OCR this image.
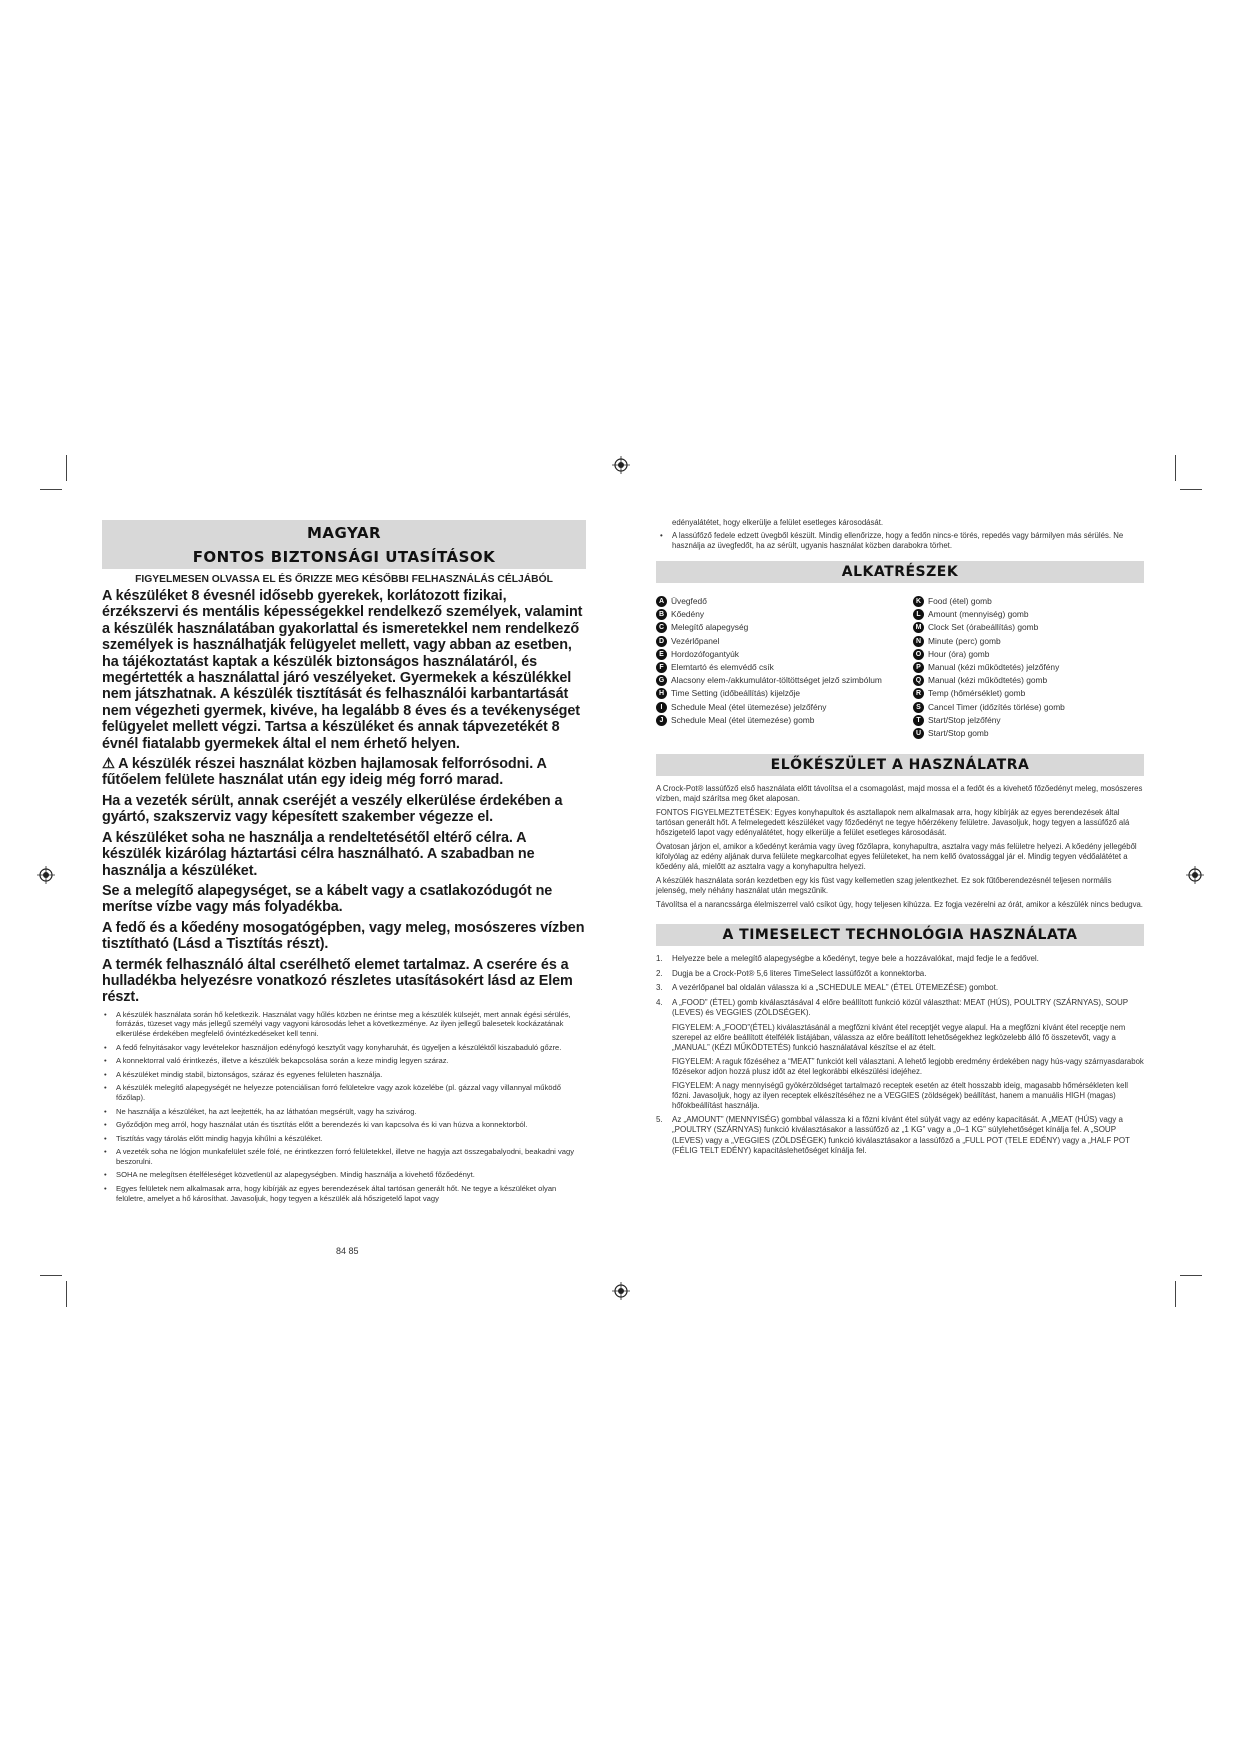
MAGYAR
FONTOS BIZTONSÁGI UTASÍTÁSOK
FIGYELMESEN OLVASSA EL ÉS ŐRIZZE MEG KÉSŐBBI FELHASZNÁLÁS CÉLJÁBÓL

A készüléket 8 évesnél idősebb gyerekek, korlátozott fizikai, érzékszervi és mentális képességekkel rendelkező személyek, valamint a készülék használatában gyakorlattal és ismeretekkel nem rendelkező személyek is használhatják felügyelet mellett, vagy abban az esetben, ha tájékoztatást kaptak a készülék biztonságos használatáról, és megértették a használattal járó veszélyeket. Gyermekek a készülékkel nem játszhatnak. A készülék tisztítását és felhasználói karbantartását nem végezheti gyermek, kivéve, ha legalább 8 éves és a tevékenységet felügyelet mellett végzi. Tartsa a készüléket és annak tápvezetékét 8 évnél fiatalabb gyermekek által el nem érhető helyen.

⚠ A készülék részei használat közben hajlamosak felforrósodni. A fűtőelem felülete használat után egy ideig még forró marad.

Ha a vezeték sérült, annak cseréjét a veszély elkerülése érdekében a gyártó, szakszerviz vagy képesített szakember végezze el.

A készüléket soha ne használja a rendeltetésétől eltérő célra. A készülék kizárólag háztartási célra használható. A szabadban ne használja a készüléket.

Se a melegítő alapegységet, se a kábelt vagy a csatlakozódugót ne merítse vízbe vagy más folyadékba.

A fedő és a kőedény mosogatógépben, vagy meleg, mosószeres vízben tisztítható (Lásd a Tisztítás részt).

A termék felhasználó által cserélhető elemet tartalmaz. A cserére és a hulladékba helyezésre vonatkozó részletes utasításokért lásd az Elem részt.

• A készülék használata során hő keletkezik. Használat vagy hűlés közben ne érintse meg a készülék külsejét, mert annak égési sérülés, forrázás, tüzeset vagy más jellegű személyi vagy vagyoni károsodás lehet a következménye. Az ilyen jellegű balesetek kockázatának elkerülése érdekében megfelelő óvintézkedéseket kell tenni.
• A fedő felnyitásakor vagy levételekor használjon edényfogó kesztyűt vagy konyharuhát, és ügyeljen a készüléktől kiszabaduló gőzre.
• A konnektorral való érintkezés, illetve a készülék bekapcsolása során a keze mindig legyen száraz.
• A készüléket mindig stabil, biztonságos, száraz és egyenes felületen használja.
• A készülék melegítő alapegységét ne helyezze potenciálisan forró felületekre vagy azok közelébe (pl. gázzal vagy villannyal működő főzőlap).
• Ne használja a készüléket, ha azt leejtették, ha az láthatóan megsérült, vagy ha szivárog.
• Győződjön meg arról, hogy használat után és tisztítás előtt a berendezés ki van kapcsolva és ki van húzva a konnektorból.
• Tisztítás vagy tárolás előtt mindig hagyja kihűlni a készüléket.
• A vezeték soha ne lógjon munkafelület széle fölé, ne érintkezzen forró felületekkel, illetve ne hagyja azt összegabalyodni, beakadni vagy beszorulni.
• SOHA ne melegítsen ételféleséget közvetlenül az alapegységben. Mindig használja a kivehető főzőedényt.
• Egyes felületek nem alkalmasak arra, hogy kibírják az egyes berendezések által tartósan generált hőt. Ne tegye a készüléket olyan felületre, amelyet a hő károsíthat. Javasoljuk, hogy tegyen a készülék alá hőszigetelő lapot vagy
84 85

edényalátétet, hogy elkerülje a felület esetleges károsodását.

• A lassúfőző fedele edzett üvegből készült. Mindig ellenőrizze, hogy a fedőn nincs-e törés, repedés vagy bármilyen más sérülés. Ne használja az üvegfedőt, ha az sérült, ugyanis használat közben darabokra törhet.

ALKATRÉSZEK
A Üvegfedő
B Kőedény
C Melegítő alapegység
D Vezérlőpanel
E Hordozófogantyúk
F Elemtartó és elemvédő csík
G Alacsony elem-/akkumulátor-töltöttséget jelző szimbólum
H Time Setting (időbeállítás) kijelzője
I	Schedule Meal (étel ütemezése) jelzőfény
J Schedule Meal (étel ütemezése) gomb
K Food (étel) gomb
L Amount (mennyiség) gomb
M Clock Set (órabeállítás) gomb
N Minute (perc) gomb
O Hour (óra) gomb
P Manual (kézi működtetés) jelzőfény
Q Manual (kézi működtetés) gomb
R Temp (hőmérséklet) gomb
S Cancel Timer (időzítés törlése) gomb
T Start/Stop jelzőfény
U Start/Stop gomb
ELŐKÉSZÜLET A HASZNÁLATRA

A Crock-Pot® lassúfőző első használata előtt távolítsa el a csomagolást, majd mossa el a fedőt és a kivehető főzőedényt meleg, mosószeres vízben, majd szárítsa meg őket alaposan.

FONTOS FIGYELMEZTETÉSEK: Egyes konyhapultok és asztallapok nem alkalmasak arra, hogy kibírják az egyes berendezések által tartósan generált hőt. A felmelegedett készüléket vagy főzőedényt ne tegye hőérzékeny felületre. Javasoljuk, hogy tegyen a lassúfőző alá hőszigetelő lapot vagy edényalátétet, hogy elkerülje a felület esetleges károsodását.

Óvatosan járjon el, amikor a kőedényt kerámia vagy üveg főzőlapra, konyhapultra, asztalra vagy más felületre helyezi. A kőedény jellegéből kifolyólag az edény aljának durva felülete megkarcolhat egyes felületeket, ha nem kellő óvatossággal jár el. Mindig tegyen védőalátétet a kőedény alá, mielőtt az asztalra vagy a konyhapultra helyezi.

A készülék használata során kezdetben egy kis füst vagy kellemetlen szag jelentkezhet. Ez sok fűtőberendezésnél teljesen normális jelenség, mely néhány használat után megszűnik.

Távolítsa el a narancssárga élelmiszerrel való csíkot úgy, hogy teljesen kihúzza. Ez fogja vezérelni az órát, amikor a készülék nincs bedugva.

A TIMESELECT TECHNOLÓGIA HASZNÁLATA
1. Helyezze bele a melegítő alapegységbe a kőedényt, tegye bele a hozzávalókat, majd fedje le a fedővel.
2. Dugja be a Crock-Pot® 5,6 literes TimeSelect lassúfőzőt a konnektorba.
3. A vezérlőpanel bal oldalán válassza ki a „SCHEDULE MEAL” (ÉTEL ÜTEMEZÉSE) gombot.
4. A „FOOD” (ÉTEL) gomb kiválasztásával 4 előre beállított funkció közül választhat: MEAT (HÚS), POULTRY (SZÁRNYAS), SOUP (LEVES) és VEGGIES (ZÖLDSÉGEK).

FIGYELEM: A „FOOD”(ÉTEL) kiválasztásánál a megfőzni kívánt étel receptjét vegye alapul. Ha a megfőzni kívánt étel receptje nem szerepel az előre beállított ételfélék listájában, válassza az előre beállított lehetőségekhez legközelebb álló fő összetevőt, vagy a „MANUAL” (KÉZI MŰKÖDTETÉS) funkció használatával készítse el az ételt.

FIGYELEM: A raguk főzéséhez a “MEAT” funkciót kell választani. A lehető legjobb eredmény érdekében nagy hús-vagy szárnyasdarabok főzésekor adjon hozzá plusz időt az étel legkorábbi elkészülési idejéhez.

FIGYELEM: A nagy mennyiségű gyökérzöldséget tartalmazó receptek esetén az ételt hosszabb ideig, magasabb hőmérsékleten kell főzni. Javasoljuk, hogy az ilyen receptek elkészítéséhez ne a VEGGIES (zöldségek) beállítást, hanem a manuális HIGH (magas) hőfokbeállítást használja.

5. Az „AMOUNT” (MENNYISÉG) gombbal válassza ki a főzni kívánt étel súlyát vagy az edény kapacitását. A „MEAT (HÚS) vagy a „POULTRY (SZÁRNYAS) funkció kiválasztásakor a lassúfőző az „1 KG” vagy a „0–1 KG” súlylehetőséget kínálja fel. A „SOUP (LEVES) vagy a „VEGGIES (ZÖLDSÉGEK) funkció kiválasztásakor a lassúfőző a „FULL POT (TELE EDÉNY) vagy a „HALF POT (FÉLIG TELT EDÉNY) kapacitáslehetőséget kínálja fel.
